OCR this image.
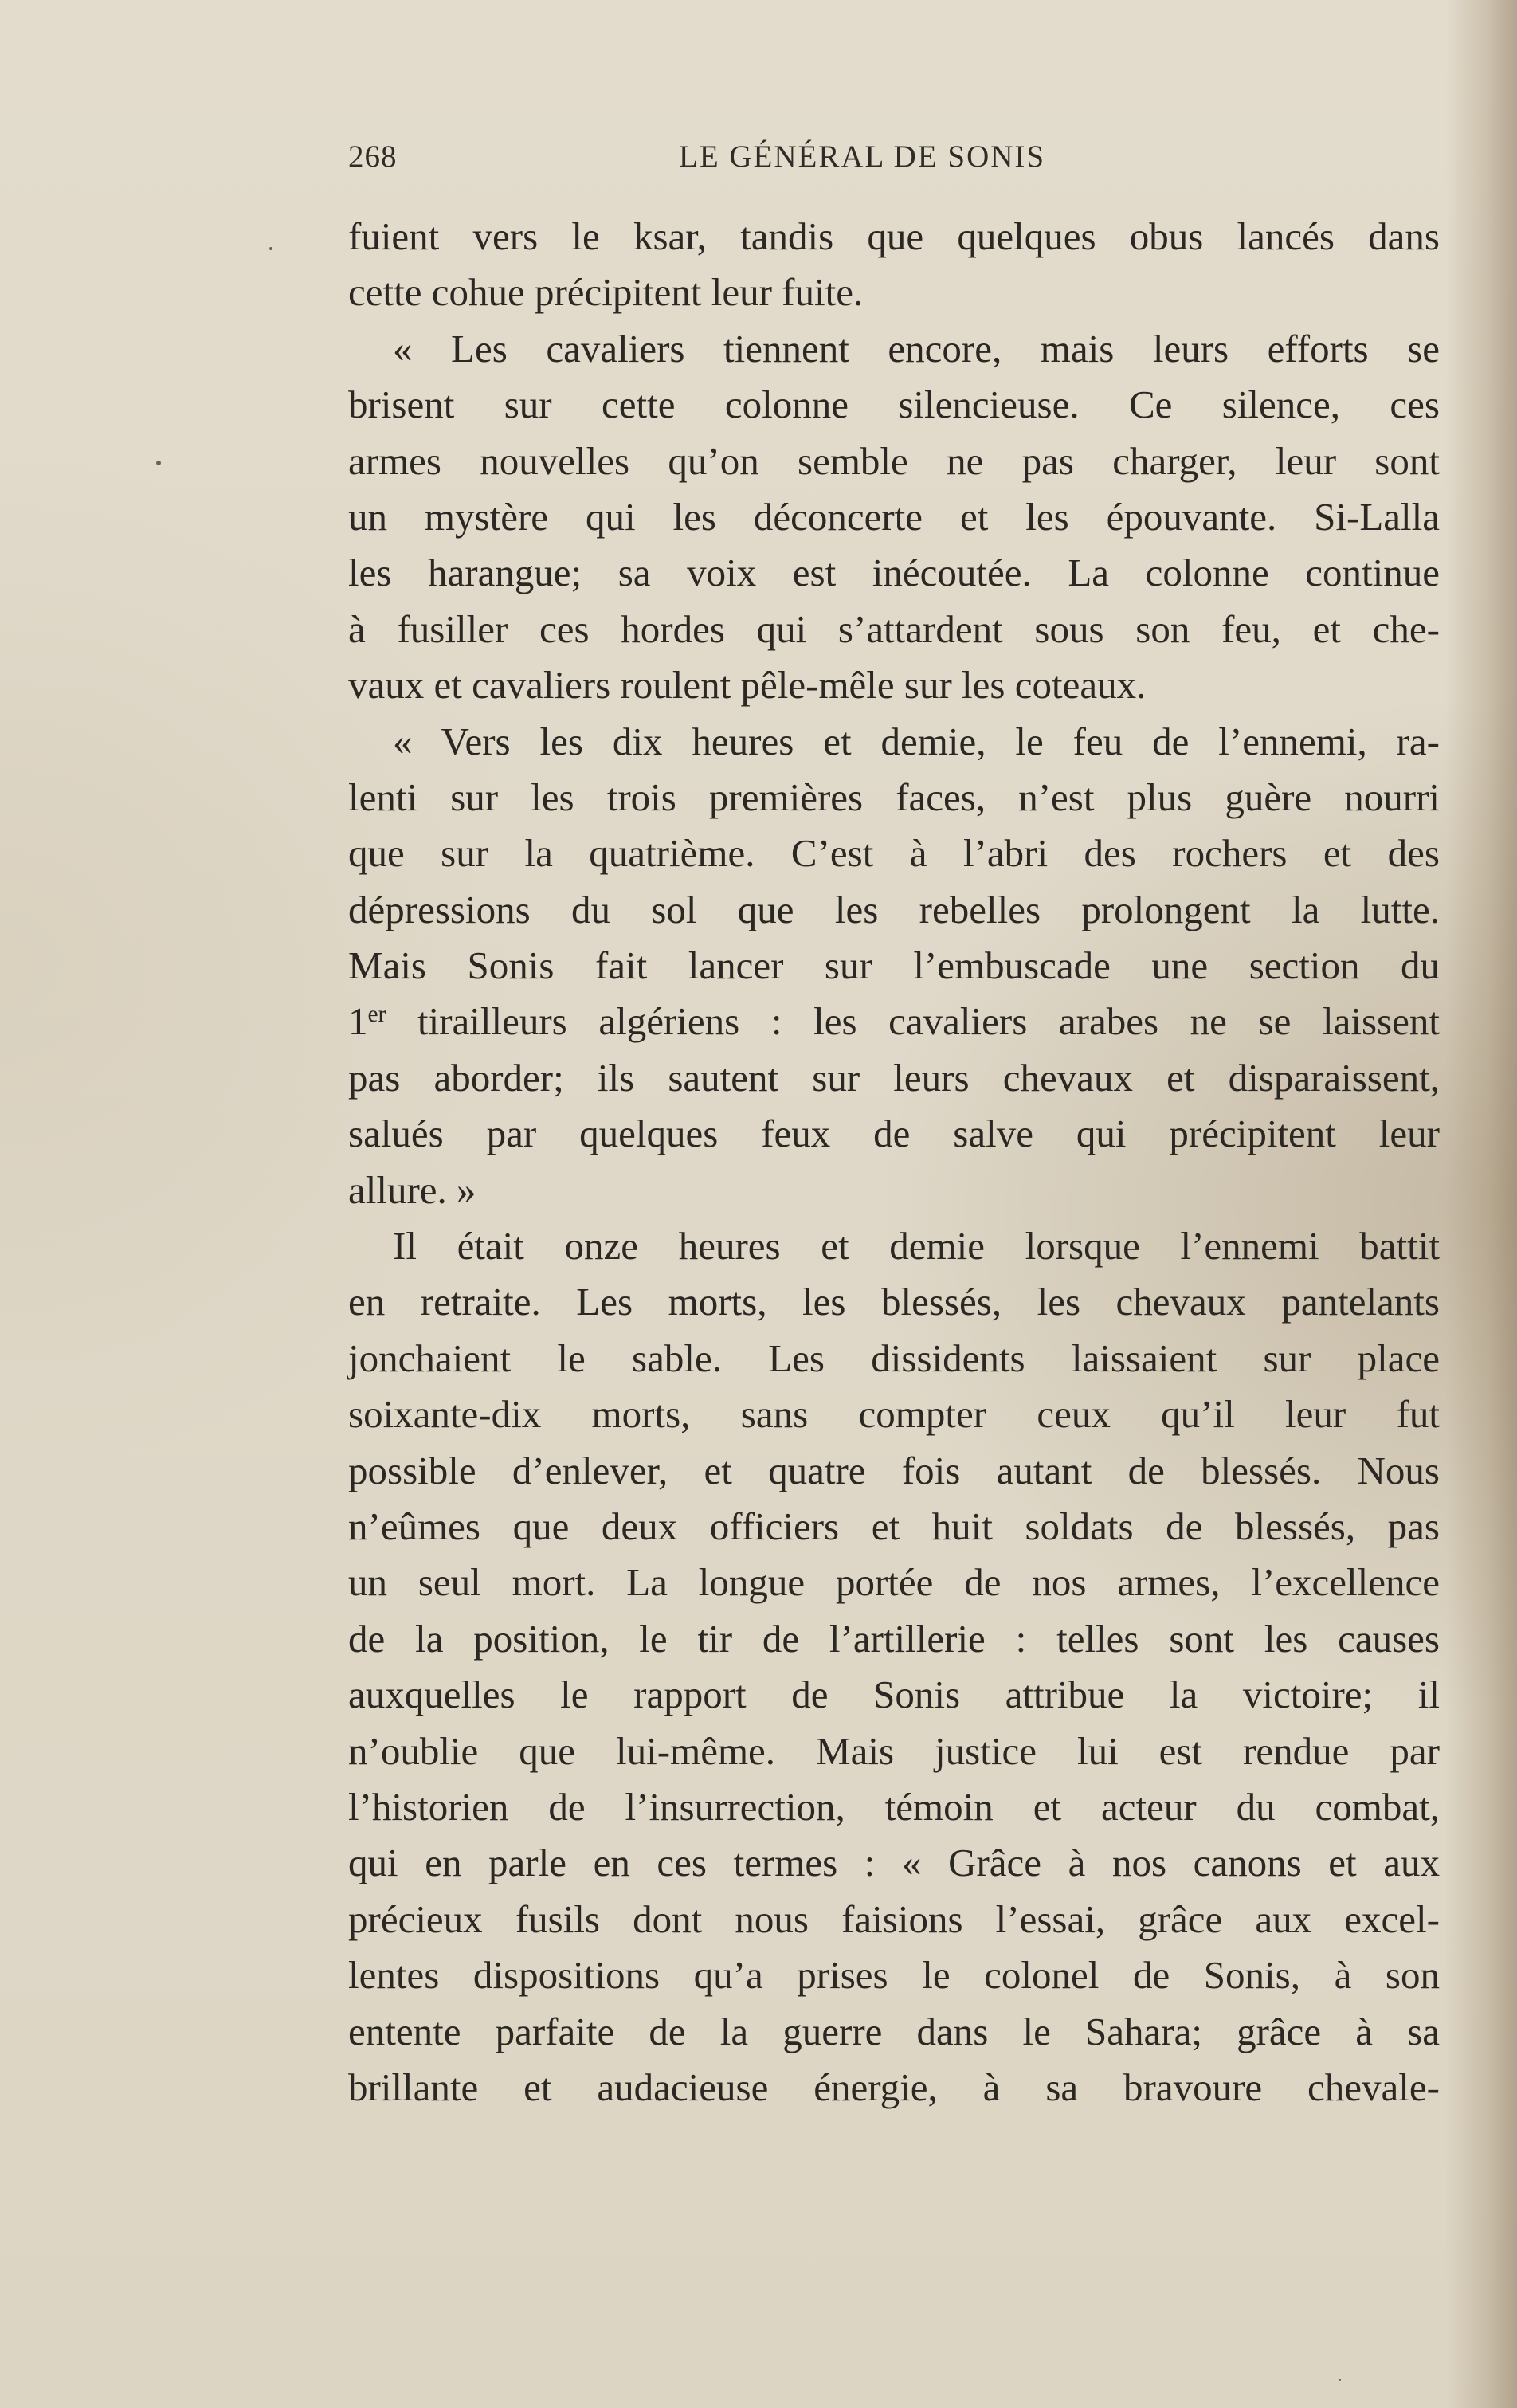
268	LE GÉNÉRAL DE SONIS
fuient vers le ksar, tandis que quelques obus lancés dans
cette cohue précipitent leur fuite.
« Les cavaliers tiennent encore, mais leurs efforts se
brisent sur cette colonne silencieuse. Ce silence, ces
armes nouvelles qu’on semble ne pas charger, leur sont
un mystère qui les déconcerte et les épouvante. Si-Lalla
les harangue; sa voix est inécoutée. La colonne continue
à fusiller ces hordes qui s’attardent sous son feu, et che-
vaux et cavaliers roulent pêle-mêle sur les coteaux.
« Vers les dix heures et demie, le feu de l’ennemi, ra-
lenti sur les trois premières faces, n’est plus guère nourri
que sur la quatrième. C’est à l’abri des rochers et des
dépressions du sol que les rebelles prolongent la lutte.
Mais Sonis fait lancer sur l’embuscade une section du
1er tirailleurs algériens : les cavaliers arabes ne se laissent
pas aborder; ils sautent sur leurs chevaux et disparaissent,
salués par quelques feux de salve qui précipitent leur
allure. »
Il était onze heures et demie lorsque l’ennemi battit
en retraite. Les morts, les blessés, les chevaux pantelants
jonchaient le sable. Les dissidents laissaient sur place
soixante-dix morts, sans compter ceux qu’il leur fut
possible d’enlever, et quatre fois autant de blessés. Nous
n’eûmes que deux officiers et huit soldats de blessés, pas
un seul mort. La longue portée de nos armes, l’excellence
de la position, le tir de l’artillerie : telles sont les causes
auxquelles le rapport de Sonis attribue la victoire; il
n’oublie que lui-même. Mais justice lui est rendue par
l’historien de l’insurrection, témoin et acteur du combat,
qui en parle en ces termes : « Grâce à nos canons et aux
précieux fusils dont nous faisions l’essai, grâce aux excel-
lentes dispositions qu’a prises le colonel de Sonis, à son
entente parfaite de la guerre dans le Sahara; grâce à sa
brillante et audacieuse énergie, à sa bravoure chevale-
